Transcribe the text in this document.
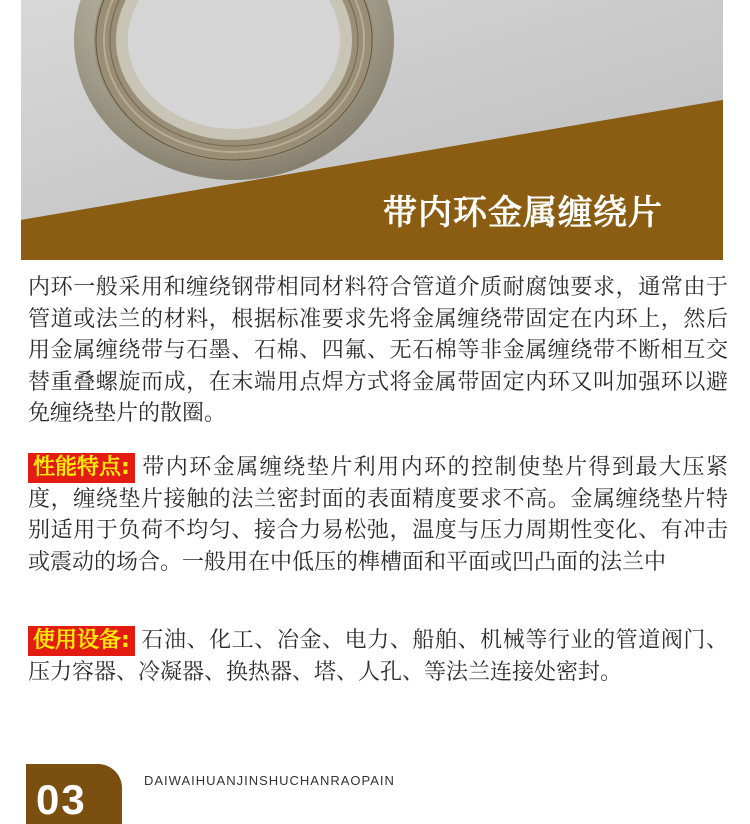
带内环金属缠绕片

内环一般采用和缠绕钢带相同材料符合管道介质耐腐蚀要求，通常由于管道或法兰的材料，根据标准要求先将金属缠绕带固定在内环上，然后用金属缠绕带与石墨、石棉、四氟、无石棉等非金属缠绕带不断相互交替重叠螺旋而成，在末端用点焊方式将金属带固定内环又叫加强环以避免缠绕垫片的散圈。

性能特点: 带内环金属缠绕垫片利用内环的控制使垫片得到最大压紧度，缠绕垫片接触的法兰密封面的表面精度要求不高。金属缠绕垫片特别适用于负荷不均匀、接合力易松弛，温度与压力周期性变化、有冲击或震动的场合。一般用在中低压的榫槽面和平面或凹凸面的法兰中

使用设备: 石油、化工、冶金、电力、船舶、机械等行业的管道阀门、压力容器、冷凝器、换热器、塔、人孔、等法兰连接处密封。

03	DAIWAIHUANJINSHUCHANRAOPAIN
